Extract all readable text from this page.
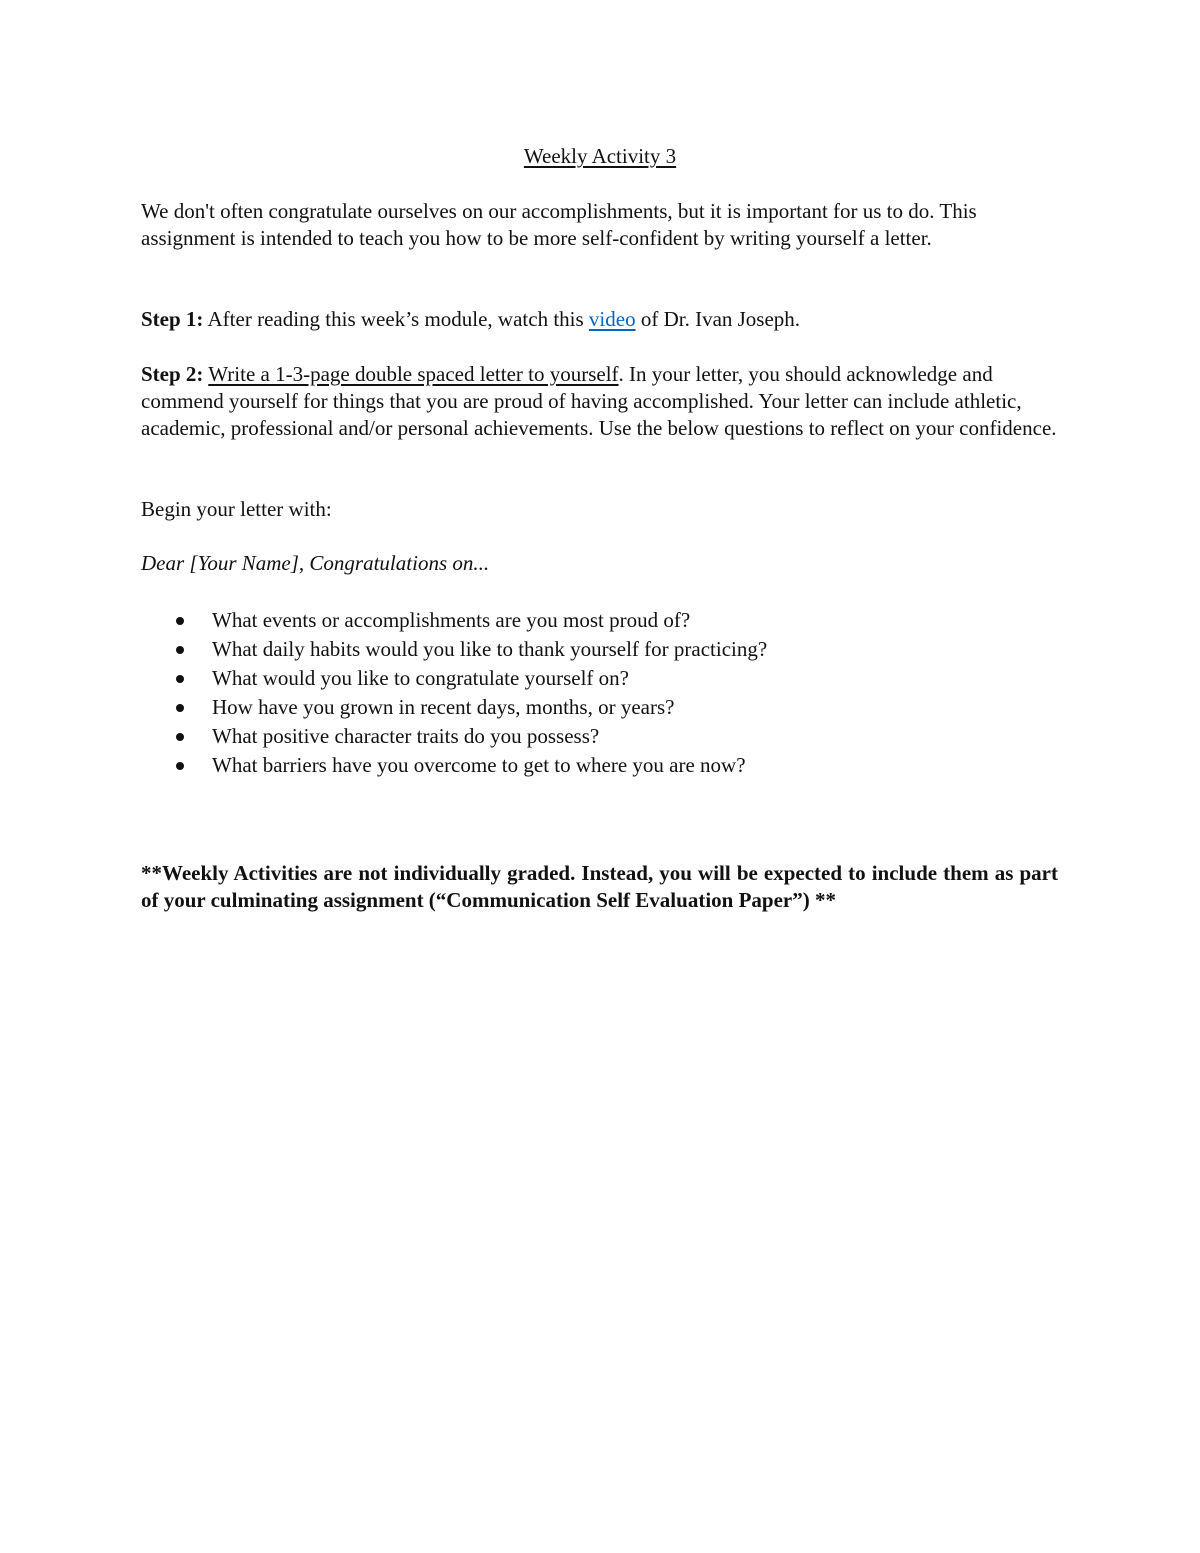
Weekly Activity 3
We don't often congratulate ourselves on our accomplishments, but it is important for us to do. This assignment is intended to teach you how to be more self-confident by writing yourself a letter.
Step 1: After reading this week’s module, watch this video of Dr. Ivan Joseph.
Step 2: Write a 1-3-page double spaced letter to yourself. In your letter, you should acknowledge and commend yourself for things that you are proud of having accomplished. Your letter can include athletic, academic, professional and/or personal achievements. Use the below questions to reflect on your confidence.
Begin your letter with:
Dear [Your Name], Congratulations on...
What events or accomplishments are you most proud of?
What daily habits would you like to thank yourself for practicing?
What would you like to congratulate yourself on?
How have you grown in recent days, months, or years?
What positive character traits do you possess?
What barriers have you overcome to get to where you are now?
**Weekly Activities are not individually graded. Instead, you will be expected to include them as part of your culminating assignment (“Communication Self Evaluation Paper”) **
